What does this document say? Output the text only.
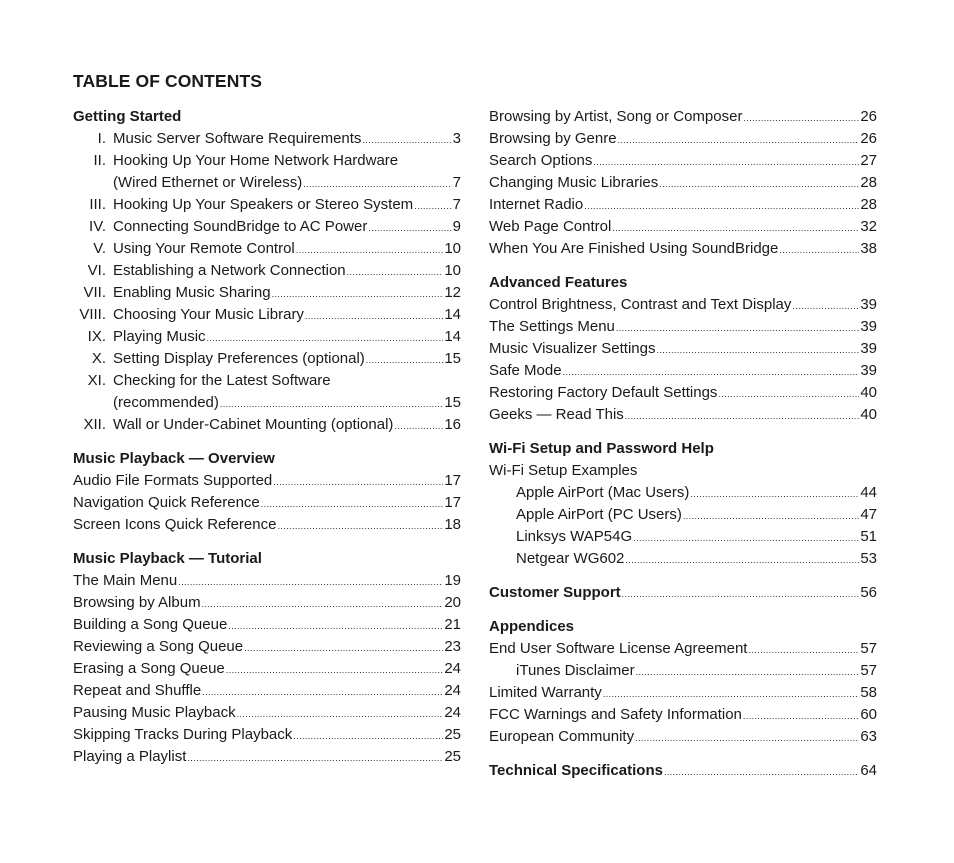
TABLE OF CONTENTS
Getting Started
I. Music Server Software Requirements .....	3
II. Hooking Up Your Home Network Hardware
(Wired Ethernet or Wireless) .....	7
III. Hooking Up Your Speakers or Stereo System .....	7
IV. Connecting SoundBridge to AC Power .....	9
V. Using Your Remote Control .....	10
VI. Establishing a Network Connection .....	10
VII. Enabling Music Sharing .....	12
VIII. Choosing Your Music Library .....	14
IX. Playing Music .....	14
X. Setting Display Preferences (optional) .....	15
XI. Checking for the Latest Software
(recommended) .....	15
XII. Wall or Under-Cabinet Mounting (optional) .....	16
Music Playback — Overview
Audio File Formats Supported .....	17
Navigation Quick Reference .....	17
Screen Icons Quick Reference .....	18
Music Playback — Tutorial
The Main Menu .....	19
Browsing by Album .....	20
Building a Song Queue .....	21
Reviewing a Song Queue .....	23
Erasing a Song Queue .....	24
Repeat and Shuffle .....	24
Pausing Music Playback .....	24
Skipping Tracks During Playback .....	25
Playing a Playlist .....	25
Browsing by Artist, Song or Composer .....	26
Browsing by Genre .....	26
Search Options .....	27
Changing Music Libraries .....	28
Internet Radio .....	28
Web Page Control .....	32
When You Are Finished Using SoundBridge .....	38
Advanced Features
Control Brightness, Contrast and Text Display .....	39
The Settings Menu .....	39
Music Visualizer Settings .....	39
Safe Mode .....	39
Restoring Factory Default Settings .....	40
Geeks — Read This .....	40
Wi-Fi Setup and Password Help
Wi-Fi Setup Examples
Apple AirPort (Mac Users) .....	44
Apple AirPort (PC Users) .....	47
Linksys WAP54G .....	51
Netgear WG602 .....	53
Customer Support .....	56
Appendices
End User Software License Agreement .....	57
iTunes Disclaimer .....	57
Limited Warranty .....	58
FCC Warnings and Safety Information .....	60
European Community .....	63
Technical Specifications .....	64
